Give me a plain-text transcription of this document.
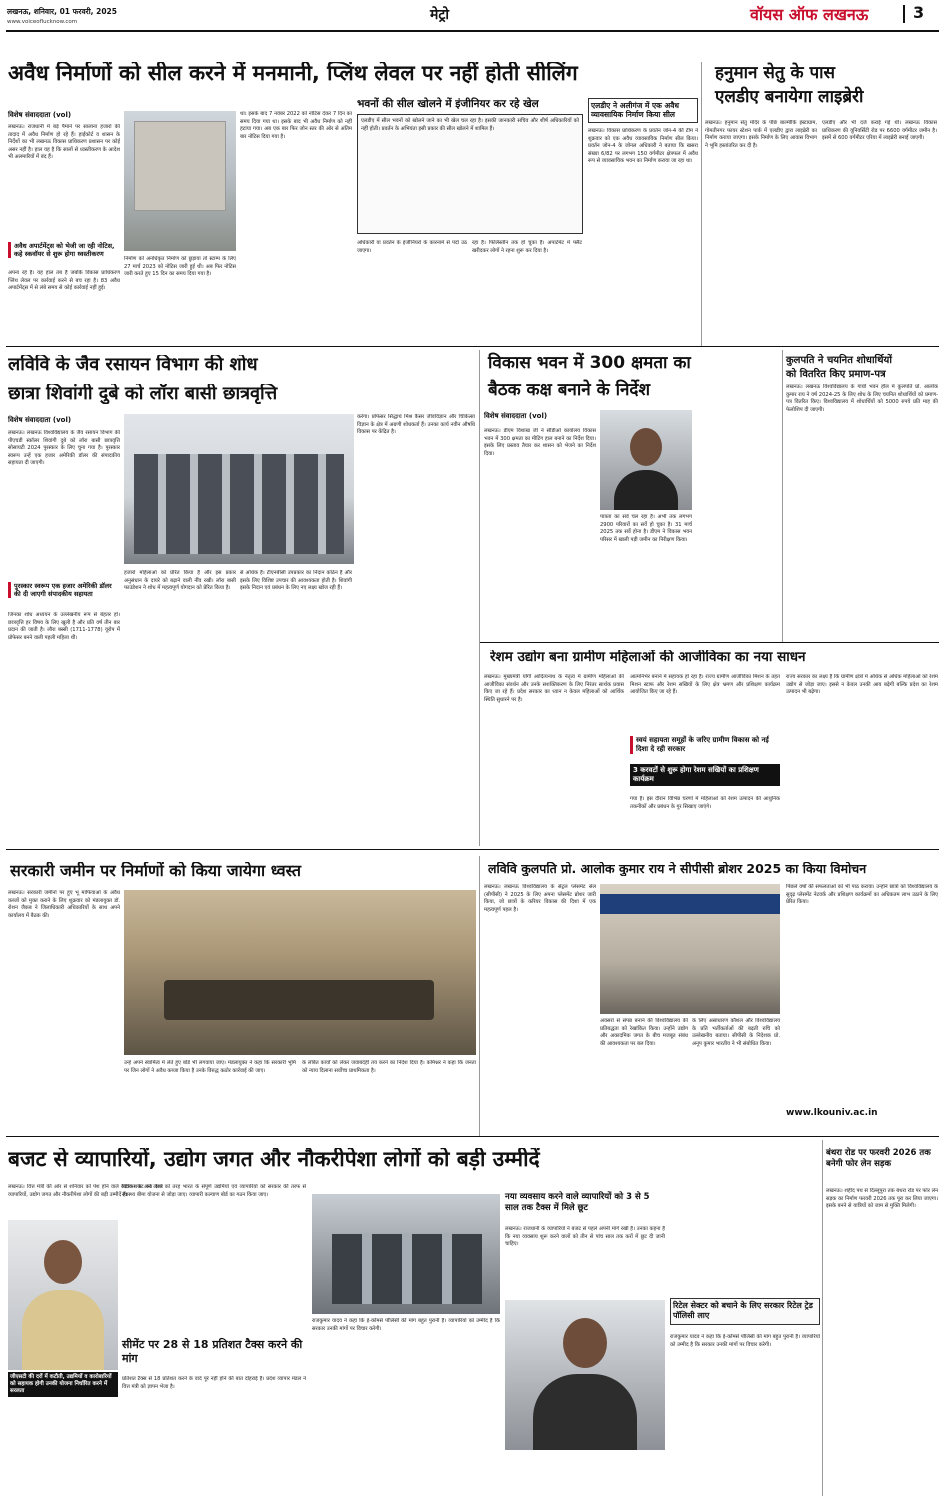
लखनऊ, शनिवार, 01 फरवरी, 2025
www.voiceoflucknow.com	मेट्रो	वॉयस ऑफ लखनऊ	3
अवैध निर्माणों को सील करने में मनमानी, प्लिंथ लेवल पर नहीं होती सीलिंग
विशेष संवाददाता (vol)
लखनऊ। राजधानी में बड़े पैमाने पर सालाना हजारों की तादाद में अवैध निर्माण हो रहे हैं। हाईकोर्ट व शासन के निर्देशों का भी लखनऊ विकास प्राधिकरण प्रशासन पर कोई असर नहीं है। हाल यह है कि सालों से ध्वस्तीकरण के आदेश भी अलमारियों में बंद हैं।
अवैध अपार्टमेंट्स को भेजी जा रही नोटिस, कहे स्कवॉयर से शुरू होगा ध्वस्तीकरण
अपना रहे हैं। यह हाल तब है जबकि विकास प्राधिकरण प्लिंथ लेवल पर कार्रवाई करने से बच रहा है। 83 अवैध अपार्टमेंट्स में से लंबे समय से कोई कार्रवाई नहीं हुई।
निर्माण को अनधिकृत निर्माण को छुड़ाया तो स्टाम्प के लिए 27 मार्च 2023 को नोटिस जारी हुई थी। अब फिर नोटिस जारी करते हुए 15 दिन का समय दिया गया है।
था। इसके बाद 7 नवंबर 2022 को नोटिस देकर 7 दिन का समय दिया गया था। इसके बाद भी अवैध निर्माण को नहीं हटाया गया। अब एक बार फिर जोन स्तर की ओर से अंतिम बार नोटिस दिया गया है।
भवनों की सील खोलने में इंजीनियर कर रहे खेल
एलडीए में सील भवनों को खोलने जाने का भी खेल चल रहा है। इसकी जानकारी सचिव और शीर्ष अधिकारियों को नहीं होती। प्रवर्तन के अभियंता इसी प्रकार की सील खोलने में शामिल हैं।
अधिकारी या प्रवर्तन के इंजीनियरों के कारनामे से पर्दा उठ जाएगा।
रहा है। फिलिस्तीन तक हो चुका है। अपार्टमेंट में फ्लैट खरीदकर लोगों ने रहना शुरू कर दिया है।
एलडीए ने अलीगंज में एक अवैध व्यावसायिक निर्माण किया सील
लखनऊ। विकास प्राधिकरण के प्रवर्तन जोन-4 की टीम ने शुक्रवार को एक अवैध व्यावसायिक निर्माण सील किया। प्रवर्तन जोन-4 के जोनल अधिकारी ने बताया कि खसरा संख्या 6/82 पर लगभग 150 वर्गमीटर क्षेत्रफल में अवैध रूप से व्यावसायिक भवन का निर्माण कराया जा रहा था।
हनुमान सेतु के पास
एलडीए बनायेगा लाइब्रेरी
लखनऊ। हनुमान सेतु मंदिर के पीछे बाल्मीकि इंस्टाग्राम, गोमतीनगर फायर स्टेशन पार्क में एलडीए द्वारा लाइब्रेरी का निर्माण कराया जाएगा। इसके निर्माण के लिए आवास विभाग ने भूमि हस्तांतरित कर दी है।
एलडीए और भी दर्ज कराई गई थी। लखनऊ विकास प्राधिकरण की यूनिवर्सिटी रोड पर 6600 वर्गमीटर जमीन है। इसमें से 600 वर्गमीटर एरिया में लाइब्रेरी बनाई जाएगी।
लविवि के जैव रसायन विभाग की शोध
छात्रा शिवांगी दुबे को लॉरा बासी छात्रवृत्ति
विशेष संवाददाता (vol)
लखनऊ। लखनऊ विश्वविद्यालय के जैव रसायन विभाग की पीएचडी स्कॉलर शिवांगी दुबे को लॉरा बासी छात्रवृत्ति सोसायटी 2024 पुरस्कार के लिए चुना गया है। पुरस्कार स्वरूप उन्हें एक हजार अमेरिकी डॉलर की संपादकीय सहायता दी जाएगी।
पुरस्कार स्वरूप एक हजार अमेरिकी डॉलर की दी जाएगी संपादकीय सहायता
जिनका शोध अध्ययन के उल्लेखनीय रूप से बेहतर हो। छात्रवृत्ति हर विषय के लिए खुली है और प्रति वर्ष तीन बार प्रदान की जाती है। लौरा बस्सी (1711-1778) यूरोप में प्रोफेसर बनने वाली पहली महिला थीं।
हजारों महिलाओं को प्रेरित किया है और इस प्रकार अनुसंधान के दायरे को बढ़ाने वाली नींव रखी। लॉरा बासी फाउंडेशन ने शोध में महत्वपूर्ण योगदान को प्रेरित किया है।
से अधिक है। टीएनबीसी उपप्रकार का निदान कठिन है और इसके लिए विशिष्ट उपचार की आवश्यकता होती है। शिवांगी इसके निदान एवं प्रबंधन के लिए नए लक्ष्य खोज रही हैं।
करेगा। प्रोफेसर सिद्धार्थ मिश्र कैंसर जीवविज्ञान और चिकित्सा विज्ञान के क्षेत्र में अग्रणी शोधकर्ता हैं। उनका कार्य नवीन औषधि विकास पर केंद्रित है।
विकास भवन में 300 क्षमता का
बैठक कक्ष बनाने के निर्देश
विशेष संवाददाता (vol)
लखनऊ। डीएम विशाख जी ने सीडीओ कार्यालय विकास भवन में 300 क्षमता का मीटिंग हाल बनाने का निर्देश दिया। इसके लिए प्रस्ताव तैयार कर शासन को भेजने का निर्देश दिया।
पात्रता का सर्वे चल रहा है। अभी तक लगभग 2900 परिवारों का सर्वे हो चुका है। 31 मार्च 2025 तक सर्वे होना है। डीएम ने विकास भवन परिसर में खाली पड़ी जमीन का निरीक्षण किया।
कुलपति ने चयनित शोधार्थियों
को वितरित किए प्रमाण-पत्र
लखनऊ। लखनऊ विश्वविद्यालय के गांधी भवन हॉल में कुलपति प्रो. आलोक कुमार राय ने वर्ष 2024-25 के लिए शोध के लिए चयनित शोधार्थियों को प्रमाण-पत्र वितरित किए। विश्वविद्यालय में शोधार्थियों को 5000 रुपये प्रति माह की फेलोशिप दी जाएगी।
रेशम उद्योग बना ग्रामीण महिलाओं की आजीविका का नया साधन
लखनऊ। मुख्यमंत्री योगी आदित्यनाथ के नेतृत्व में ग्रामीण महिलाओं की आजीविका संवर्धन और उनके सशक्तिकरण के लिए निरंतर सार्थक प्रयास किए जा रहे हैं। प्रदेश सरकार का ध्यान न केवल महिलाओं को आर्थिक स्थिति सुधारने पर है।
आत्मनिर्भर बनाने में सहायक हो रहा है। राज्य ग्रामीण आजीविका मिशन के तहत मिशन स्टाफ और रेशम सखियों के लिए क्षेत्र भ्रमण और प्रशिक्षण कार्यक्रम आयोजित किए जा रहे हैं।
स्वयं सहायता समूहों के जरिए ग्रामीण विकास को नई दिशा दे रही सरकार
3 करवटों से शुरू होगा रेशम सखियों का प्रशिक्षण कार्यक्रम
गया है। इस दौरान विभिन्न चरणों में महिलाओं को रेशम उत्पादन की आधुनिक तकनीकों और प्रबंधन के गुर सिखाए जाएंगे।
राज्य सरकार का लक्ष्य है कि ग्रामीण क्षेत्रों में अधिक से अधिक महिलाओं को रेशम उद्योग से जोड़ा जाए। इससे न केवल उनकी आय बढ़ेगी बल्कि प्रदेश का रेशम उत्पादन भी बढ़ेगा।
सरकारी जमीन पर निर्माणों को किया जायेगा ध्वस्त
लखनऊ। सरकारी जमीनों पर हुए भू माफियाओं के अवैध कब्जों को मुक्त कराने के लिए शुक्रवार को मंडलायुक्त डॉ. रोशन जैकब ने जिलाधिकारी अधिकारियों के साथ अपने कार्यालय में बैठक की।
उन्हें अपने स्वामित्व में लेते हुए बोर्ड भी लगवाया जाए। मंडलायुक्त ने कहा कि सरकारी भूमि पर जिन लोगों ने अवैध कब्जा किया है उनके विरुद्ध कठोर कार्रवाई की जाए।
के लंबित कार्यों को लेकर जवाबदेही तय करने का निर्देश दिया है। कमिश्नर ने कहा कि जनता को न्याय दिलाना सर्वोच्च प्राथमिकता है।
लविवि कुलपति प्रो. आलोक कुमार राय ने सीपीसी ब्रोशर 2025 का किया विमोचन
लखनऊ। लखनऊ विश्वविद्यालय के सेंट्रल प्लेसमेंट सेल (सीपीसी) ने 2025 के लिए अपना प्लेसमेंट ब्रोशर जारी किया, जो छात्रों के करियर विकास की दिशा में एक महत्वपूर्ण पहल है।
अवसरों से संपन्न बनाने की विश्वविद्यालय की प्रतिबद्धता को रेखांकित किया। उन्होंने उद्योग और अकादमिक जगत के बीच मजबूत संबंध की आवश्यकता पर बल दिया।
के लिए असाधारण कौशल और विश्वविद्यालय के प्रति भर्तीकर्ताओं की बढ़ती रुचि को उल्लेखनीय बताया। सीपीसी के निदेशक प्रो. अनूप कुमार भारतीय ने भी संबोधित किया।
पिछले वर्षों की सफलताओं को भी पाठ कराया। उन्होंने छात्रों को विश्वविद्यालय के सुदृढ़ प्लेसमेंट नेटवर्क और प्रशिक्षण कार्यक्रमों का अधिकतम लाभ उठाने के लिए प्रेरित किया।
www.lkouniv.ac.in
बजट से व्यापारियों, उद्योग जगत और नौकरीपेशा लोगों को बड़ी उम्मीदें
लखनऊ। वित्त मंत्री की ओर से शनिवार को पेश होने वाले केंद्रीय बजट को लेकर व्यापारियों, उद्योग जगत और नौकरीपेशा लोगों की बड़ी उम्मीदें हैं।
जीएसटी की दरों में कटौती, उद्यमियों व कारोबारियों को सहायक होगी उनकी योजना निर्धारित करने में सरलता
विकास के अन्य देशों को तरह भारत के संपूर्ण उद्यमियों एवं व्यापारियों को सरकार की तरफ से स्वास्थ्य बीमा योजना से जोड़ा जाए। व्यापारी कल्याण बोर्ड का गठन किया जाए।
सीमेंट पर 28 से 18 प्रतिशत टैक्स करने की मांग
प्रतिशत टैक्स से 18 प्रतिशत करने के वादे पूरे नहीं होने की बात दोहराई है। प्रदेश व्यापार मंडल ने वित्त मंत्री को ज्ञापन भेजा है।
नया व्यवसाय करने वाले व्यापारियों को 3 से 5 साल तक टैक्स में मिले छूट
लखनऊ। राजधानी के व्यापारियों ने बजट से पहले अपनी मांगें रखी हैं। उनका कहना है कि नया व्यवसाय शुरू करने वालों को तीन से पांच साल तक करों में छूट दी जानी चाहिए।
राजकुमार यादव ने कहा कि ई-कॉमर्स पॉलिसी की मांग बहुत पुरानी है। व्यापारियों को उम्मीद है कि सरकार उनकी मांगों पर विचार करेगी।
रिटेल सेक्टर को बचाने के लिए सरकार रिटेल ट्रेड पॉलिसी लाए
राजकुमार यादव ने कहा कि ई-कॉमर्स पॉलिसी की मांग बहुत पुरानी है। व्यापारियों को उम्मीद है कि सरकार उनकी मांगों पर विचार करेगी।
बंथरा रोड पर फरवरी 2026 तक बनेगी फोर लेन सड़क
लखनऊ। शहीद पथ से दिल्लूपुरा तक बंथरा रोड पर फोर लेन सड़क का निर्माण फरवरी 2026 तक पूरा कर लिया जाएगा। इसके बनने से यात्रियों को जाम से मुक्ति मिलेगी।
